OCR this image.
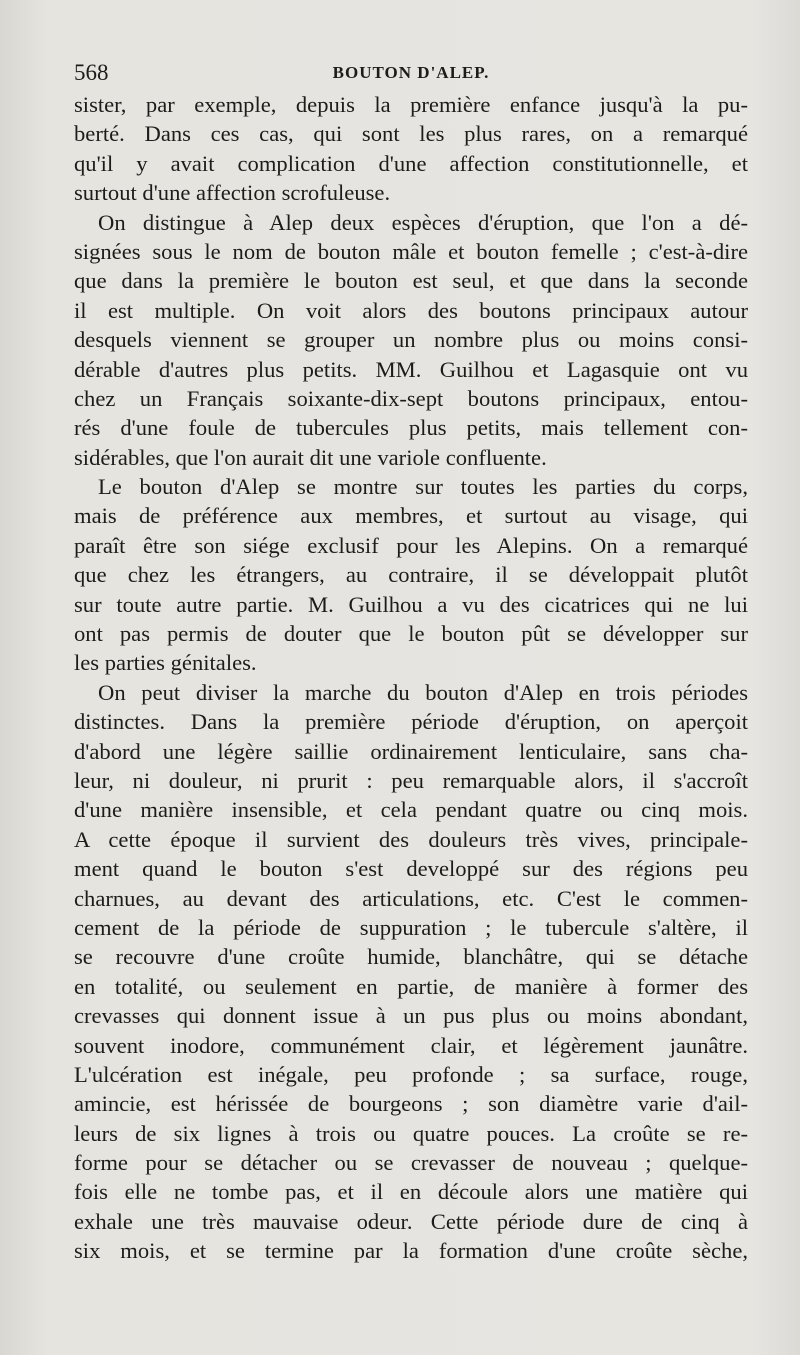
568	BOUTON D'ALEP.
sister, par exemple, depuis la première enfance jusqu'à la pu-
berté. Dans ces cas, qui sont les plus rares, on a remarqué
qu'il y avait complication d'une affection constitutionnelle, et
surtout d'une affection scrofuleuse.
On distingue à Alep deux espèces d'éruption, que l'on a dé-
signées sous le nom de bouton mâle et bouton femelle ; c'est-à-dire
que dans la première le bouton est seul, et que dans la seconde
il est multiple. On voit alors des boutons principaux autour
desquels viennent se grouper un nombre plus ou moins consi-
dérable d'autres plus petits. MM. Guilhou et Lagasquie ont vu
chez un Français soixante-dix-sept boutons principaux, entou-
rés d'une foule de tubercules plus petits, mais tellement con-
sidérables, que l'on aurait dit une variole confluente.
Le bouton d'Alep se montre sur toutes les parties du corps,
mais de préférence aux membres, et surtout au visage, qui
paraît être son siége exclusif pour les Alepins. On a remarqué
que chez les étrangers, au contraire, il se développait plutôt
sur toute autre partie. M. Guilhou a vu des cicatrices qui ne lui
ont pas permis de douter que le bouton pût se développer sur
les parties génitales.
On peut diviser la marche du bouton d'Alep en trois périodes
distinctes. Dans la première période d'éruption, on aperçoit
d'abord une légère saillie ordinairement lenticulaire, sans cha-
leur, ni douleur, ni prurit : peu remarquable alors, il s'accroît
d'une manière insensible, et cela pendant quatre ou cinq mois.
A cette époque il survient des douleurs très vives, principale-
ment quand le bouton s'est developpé sur des régions peu
charnues, au devant des articulations, etc. C'est le commen-
cement de la période de suppuration ; le tubercule s'altère, il
se recouvre d'une croûte humide, blanchâtre, qui se détache
en totalité, ou seulement en partie, de manière à former des
crevasses qui donnent issue à un pus plus ou moins abondant,
souvent inodore, communément clair, et légèrement jaunâtre.
L'ulcération est inégale, peu profonde ; sa surface, rouge,
amincie, est hérissée de bourgeons ; son diamètre varie d'ail-
leurs de six lignes à trois ou quatre pouces. La croûte se re-
forme pour se détacher ou se crevasser de nouveau ; quelque-
fois elle ne tombe pas, et il en découle alors une matière qui
exhale une très mauvaise odeur. Cette période dure de cinq à
six mois, et se termine par la formation d'une croûte sèche,
